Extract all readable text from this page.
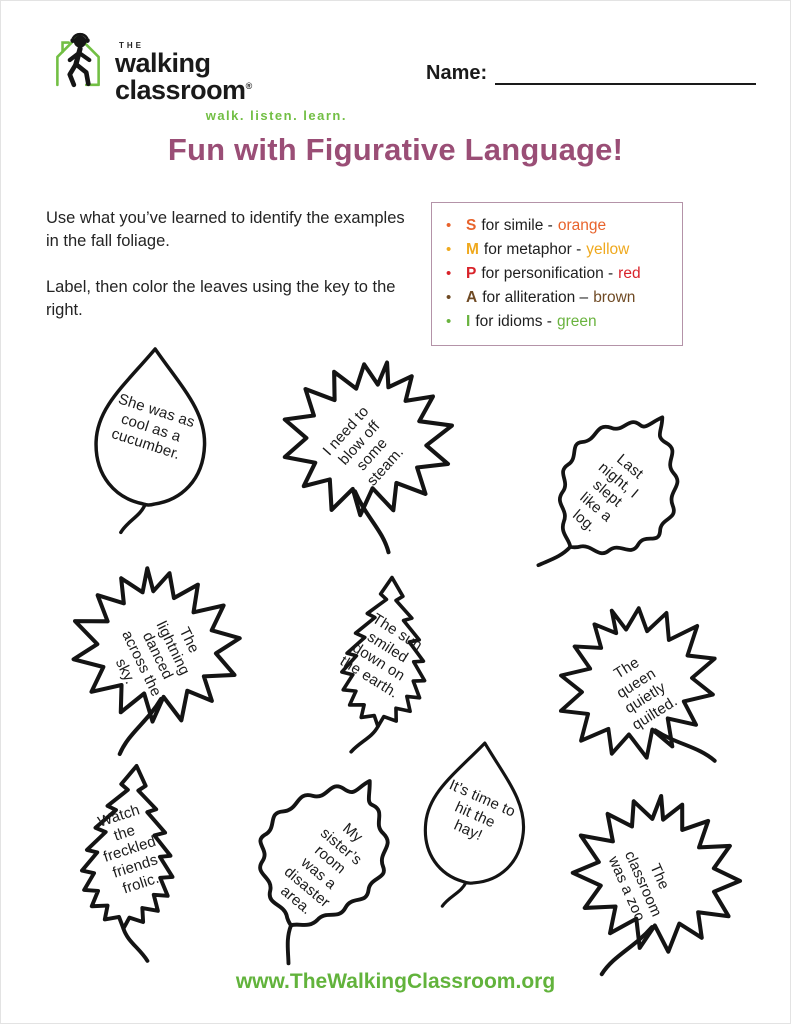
THE
walking classroom®
walk. listen. learn.
Name:
Fun with Figurative Language!

Use what you’ve learned to identify the examples in the fall foliage.

Label, then color the leaves using the key to the right.

• S for simile - orange
• M for metaphor - yellow
• P for personification - red
• A for alliteration – brown
• I for idioms - green
She was as cool as a cucumber.	I need to blow off some steam.	Last night, I slept like a log.
The lightning danced across the sky.
The sun smiled down on the earth.	The queen quietly quilted.
Watch the freckled friends frolic.
My sister’s room was a disaster area.
It’s time to hit the hay!
The classroom was a zoo.
www.TheWalkingClassroom.org
